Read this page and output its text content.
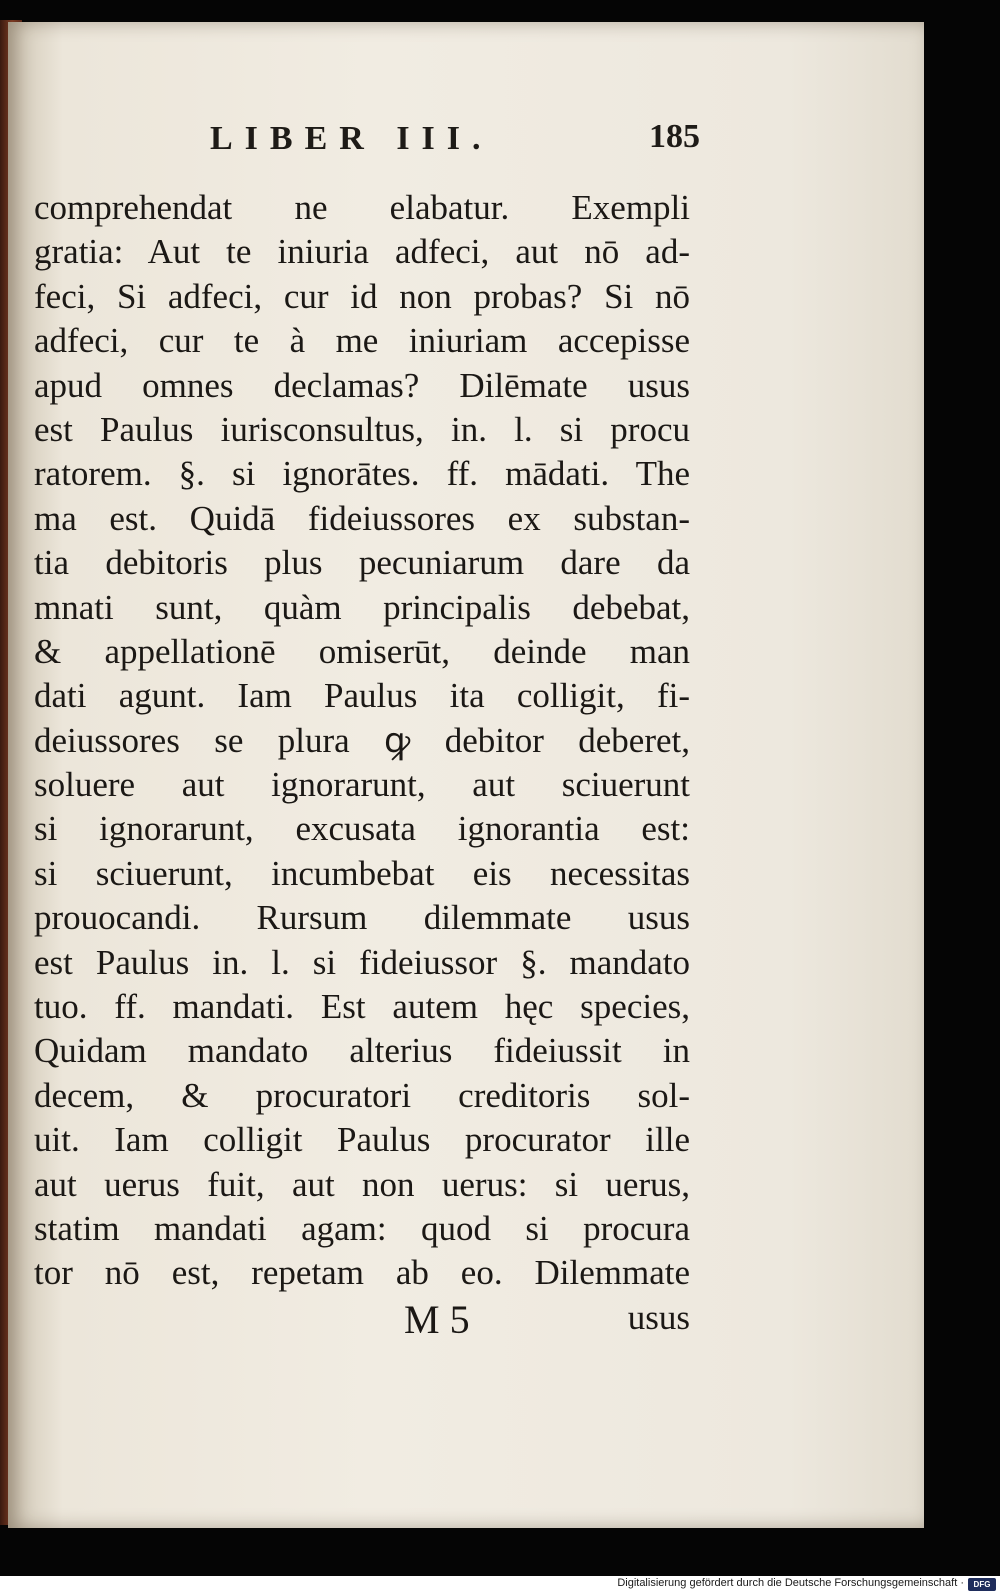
LIBER III.	185
comprehendat ne elabatur. Exempli
gratia: Aut te iniuria adfeci, aut nō ad-
feci, Si adfeci, cur id non probas? Si nō
adfeci, cur te à me iniuriam accepisse
apud omnes declamas? Dilēmate usus
est Paulus iurisconsultus, in. l. si procu
ratorem. §. si ignorātes. ff. mādati. The
ma est. Quidā fideiussores ex substan-
tia debitoris plus pecuniarum dare da
mnati sunt, quàm principalis debebat,
& appellationē omiserūt, deinde man
dati agunt. Iam Paulus ita colligit, fi-
deiussores se plura ꝙ debitor deberet,
soluere aut ignorarunt, aut sciuerunt
si ignorarunt, excusata ignorantia est:
si sciuerunt, incumbebat eis necessitas
prouocandi. Rursum dilemmate usus
est Paulus in. l. si fideiussor §. mandato
tuo. ff. mandati. Est autem hęc species,
Quidam mandato alterius fideiussit in
decem, & procuratori creditoris sol-
uit. Iam colligit Paulus procurator ille
aut uerus fuit, aut non uerus: si uerus,
statim mandati agam: quod si procura
tor nō est, repetam ab eo. Dilemmate
M 5	usus
Digitalisierung gefördert durch die Deutsche Forschungsgemeinschaft ·	DFG
